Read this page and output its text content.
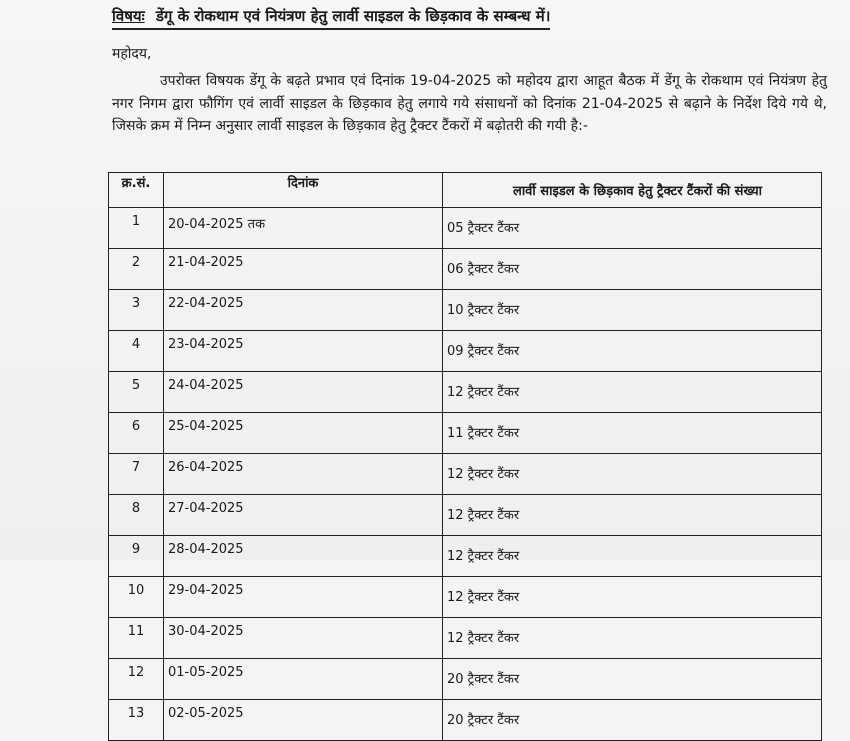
विषयः डेंगू के रोकथाम एवं नियंत्रण हेतु लार्वी साइडल के छिड़काव के सम्बन्ध में।
महोदय,
उपरोक्त विषयक डेंगू के बढ़ते प्रभाव एवं दिनांक 19-04-2025 को महोदय द्वारा आहूत बैठक में डेंगू के रोकथाम एवं नियंत्रण हेतु नगर निगम द्वारा फौगिंग एवं लार्वी साइडल के छिड़काव हेतु लगाये गये संसाधनों को दिनांक 21-04-2025 से बढ़ाने के निर्देश दिये गये थे, जिसके क्रम में निम्न अनुसार लार्वी साइडल के छिड़काव हेतु ट्रैक्टर टैंकरों में बढ़ोतरी की गयी है:-
क्र.सं.	दिनांक	लार्वी साइडल के छिड़काव हेतु ट्रैक्टर टैंकरों की संख्या
1	20-04-2025 तक	05 ट्रैक्टर टैंकर
2	21-04-2025	06 ट्रैक्टर टैंकर
3	22-04-2025	10 ट्रैक्टर टैंकर
4	23-04-2025	09 ट्रैक्टर टैंकर
5	24-04-2025	12 ट्रैक्टर टैंकर
6	25-04-2025	11 ट्रैक्टर टैंकर
7	26-04-2025	12 ट्रैक्टर टैंकर
8	27-04-2025	12 ट्रैक्टर टैंकर
9	28-04-2025	12 ट्रैक्टर टैंकर
10	29-04-2025	12 ट्रैक्टर टैंकर
11	30-04-2025	12 ट्रैक्टर टैंकर
12	01-05-2025	20 ट्रैक्टर टैंकर
13	02-05-2025	20 ट्रैक्टर टैंकर
